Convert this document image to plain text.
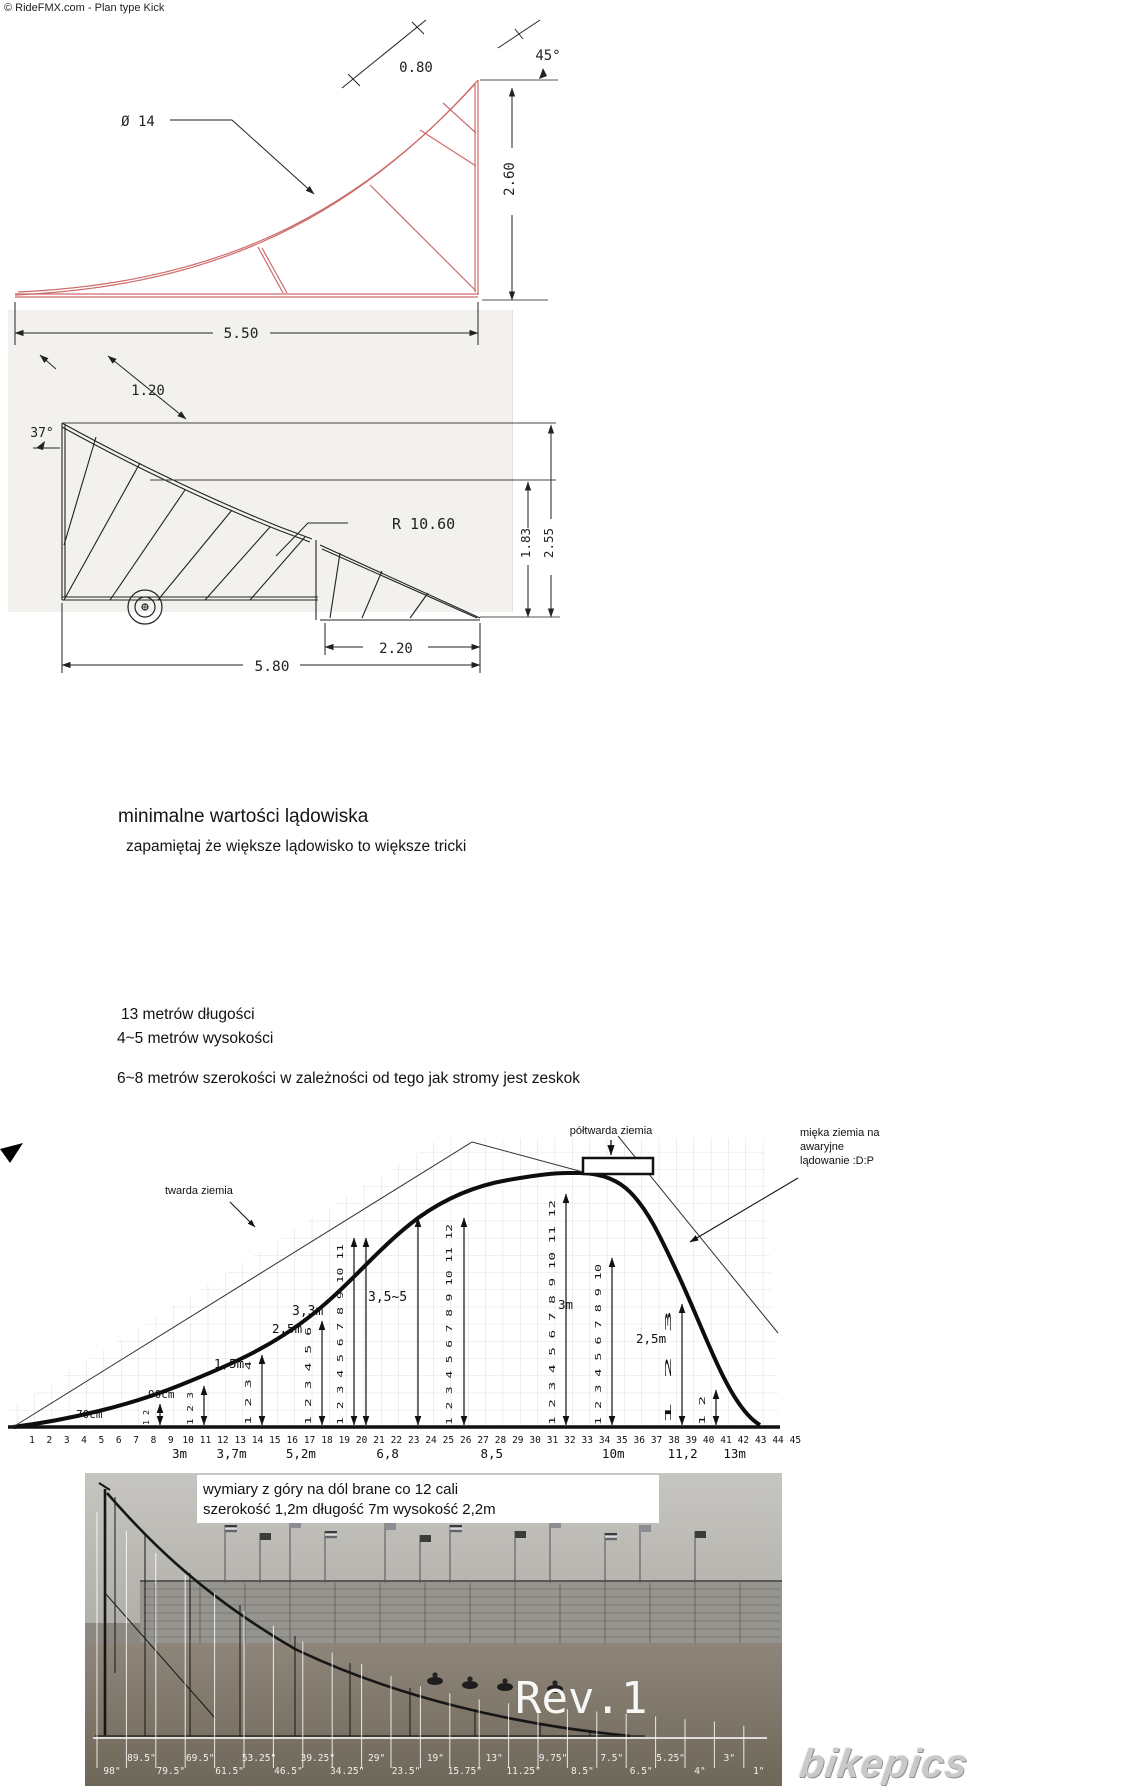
© RideFMX.com - Plan type Kick
0.80
45°
Ø 14
2.60
5.50
1.20
37°
R 10.60
1.83 2.55
2.20
5.80
minimalne wartości lądowiska
zapamiętaj że większe lądowisko to większe tricki
13 metrów długości
4~5 metrów wysokości
6~8 metrów szerokości w zależności od tego jak stromy jest zeskok
półtwarda ziemia
twarda ziemia
mięka ziemia na
awaryjne
lądowanie :D:P
1 2 3 4 5 6 7 8 9 10 11 12 13 14 15 16 17 18 19 20 21 22 23 24 25 26 27 28 29 30 31 32 33 34 35 36 37 38 39 40 41 42 43 44 45
3m 3,7m	5,2m	6,8	8,5	10m	11,2 13m
1 2
70cm	1 2 3
90cm	1 2 3 4
1,5m
1 2 3 4 5 6
2,5m	1 2 3 4 5 6 7 8 9 10 11
3,3m	1 2 3 4 5 6 7 8 9 10 11 12
3,5~5
1 2 3 4 5 6 7 8 9 10 11 12	1 2 3 4 5 6 7 8 9 10
3m
1 2 3
2,5m
1 2
wymiary z góry na dól brane co 12 cali
szerokość 1,2m długość 7m wysokość 2,2m
Rev.1
98"
89.5"
79.5"
69.5"
61.5"
53.25"
46.5"
39.25"
34.25"
29"
23.5"
19"
15.75"
13"
11.25"
9.75"
8.5"
7.5"
6.5"
5.25"
4"
3"
1" bikepics
